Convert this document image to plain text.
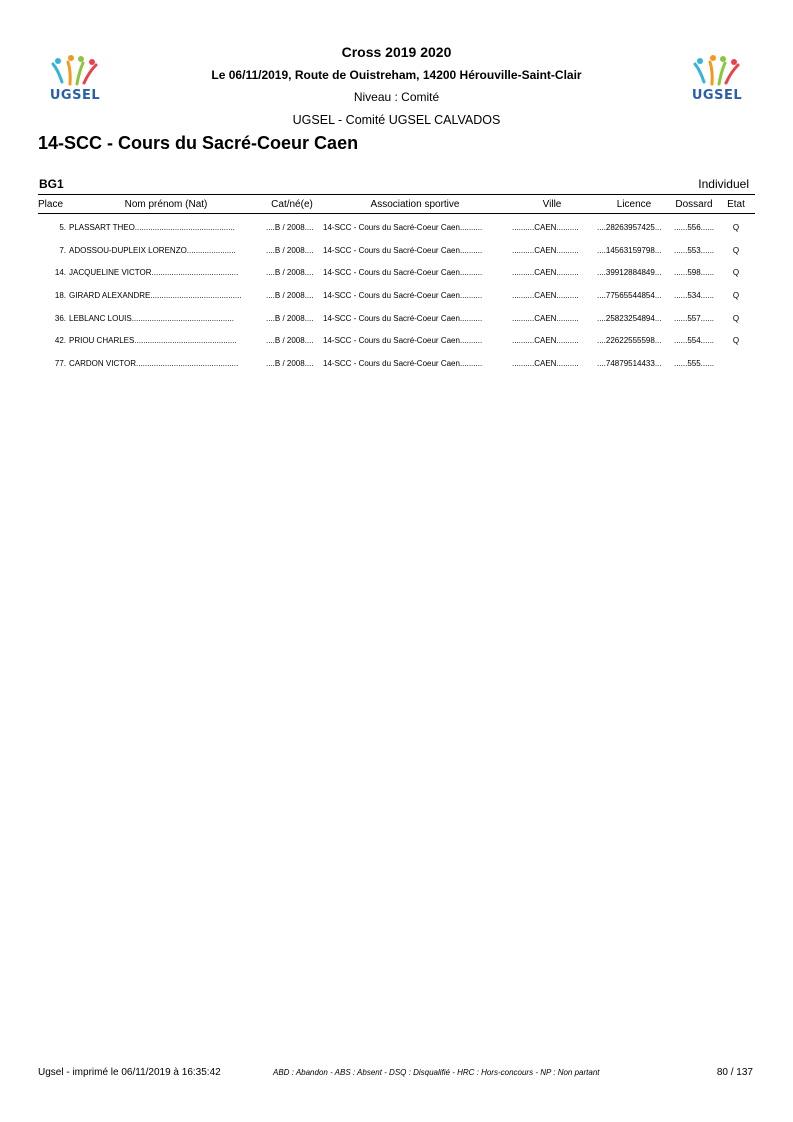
UGSEL	UGSEL
Cross 2019 2020
Le 06/11/2019, Route de Ouistreham, 14200 Hérouville-Saint-Clair
Niveau : Comité
UGSEL - Comité UGSEL CALVADOS
14-SCC - Cours du Sacré-Coeur Caen
BG1	Individuel
Place	Nom prénom (Nat)	Cat/né(e)	Association sportive	Ville	Licence Dossard Etat
5. PLASSART THEO.............................................	....B / 2008....	14-SCC - Cours du Sacré-Coeur Caen..........	..........CAEN..........	....28263957425...	......556......	Q
7. ADOSSOU-DUPLEIX LORENZO......................	....B / 2008....	14-SCC - Cours du Sacré-Coeur Caen..........	..........CAEN..........	....14563159798...	......553......	Q
14. JACQUELINE VICTOR.......................................	....B / 2008....	14-SCC - Cours du Sacré-Coeur Caen..........	..........CAEN..........	....39912884849...	......598......	Q
18. GIRARD ALEXANDRE.........................................	....B / 2008....	14-SCC - Cours du Sacré-Coeur Caen..........	..........CAEN..........	....77565544854...	......534......	Q
36. LEBLANC LOUIS..............................................	....B / 2008....	14-SCC - Cours du Sacré-Coeur Caen..........	..........CAEN..........	....25823254894...	......557......	Q
42. PRIOU CHARLES..............................................	....B / 2008....	14-SCC - Cours du Sacré-Coeur Caen..........	..........CAEN..........	....22622555598...	......554......	Q
77. CARDON VICTOR..............................................	....B / 2008....	14-SCC - Cours du Sacré-Coeur Caen..........	..........CAEN..........	....74879514433...	......555......
Ugsel - imprimé le 06/11/2019 à 16:35:42	ABD : Abandon - ABS : Absent - DSQ : Disqualifié - HRC : Hors-concours - NP : Non partant	80 / 137
